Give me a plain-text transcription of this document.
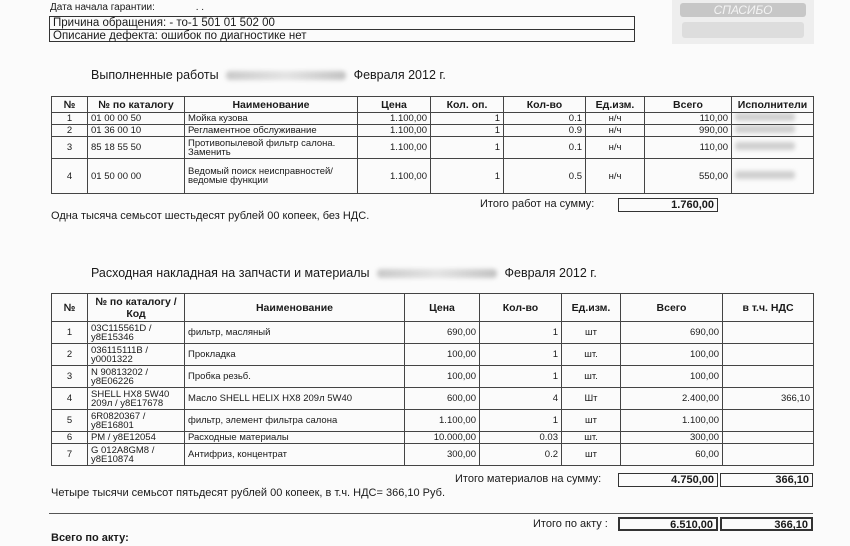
Дата начала гарантии:	. .
Причина обращения: - то-1 501 01 502 00
Описание дефекта: ошибок по диагностике нет
СПАСИБО
Выполненные работы	Февраля 2012 г.
№	№ по каталогу	Наименование	Цена	Кол. оп.	Кол-во	Ед.изм.	Всего	Исполнители
1	01 00 00 50	Мойка кузова	1.100,00	1	0.1	н/ч	110,00	
2	01 36 00 10	Регламентное обслуживание	1.100,00	1	0.9	н/ч	990,00	
3	85 18 55 50	Противопылевой фильтр салона. Заменить	1.100,00	1	0.1	н/ч	110,00	
4	01 50 00 00	Ведомый поиск неисправностей/ведомые функции	1.100,00	1	0.5	н/ч	550,00	
Итого работ на сумму:	1.760,00
Одна тысяча семьсот шестьдесят рублей 00 копеек, без НДС.
Расходная накладная на запчасти и материалы	Февраля 2012 г.
№	№ по каталогу / Код	Наименование	Цена	Кол-во	Ед.изм.	Всего	в т.ч. НДС
1	03C115561D / у8Е15346	фильтр, масляный	690,00	1	шт	690,00	
2	036115111B / у0001322	Прокладка	100,00	1	шт.	100,00	
3	N 90813202 / у8Е06226	Пробка резьб.	100,00	1	шт.	100,00	
4	SHELL HX8 5W40 209л / у8Е17678	Масло SHELL HELIX HX8 209л 5W40	600,00	4	Шт	2.400,00	366,10
5	6R0820367 / у8Е16801	фильтр, элемент фильтра салона	1.100,00	1	шт	1.100,00	
6	РМ / у8Е12054	Расходные материалы	10.000,00	0.03	шт.	300,00	
7	G 012A8GM8 / у8Е10874	Антифриз, концентрат	300,00	0.2	шт	60,00	
Итого материалов на сумму:	4.750,00	366,10
Четыре тысячи семьсот пятьдесят рублей 00 копеек, в т.ч. НДС= 366,10 Руб.
Итого по акту :	6.510,00	366,10
Всего по акту:
